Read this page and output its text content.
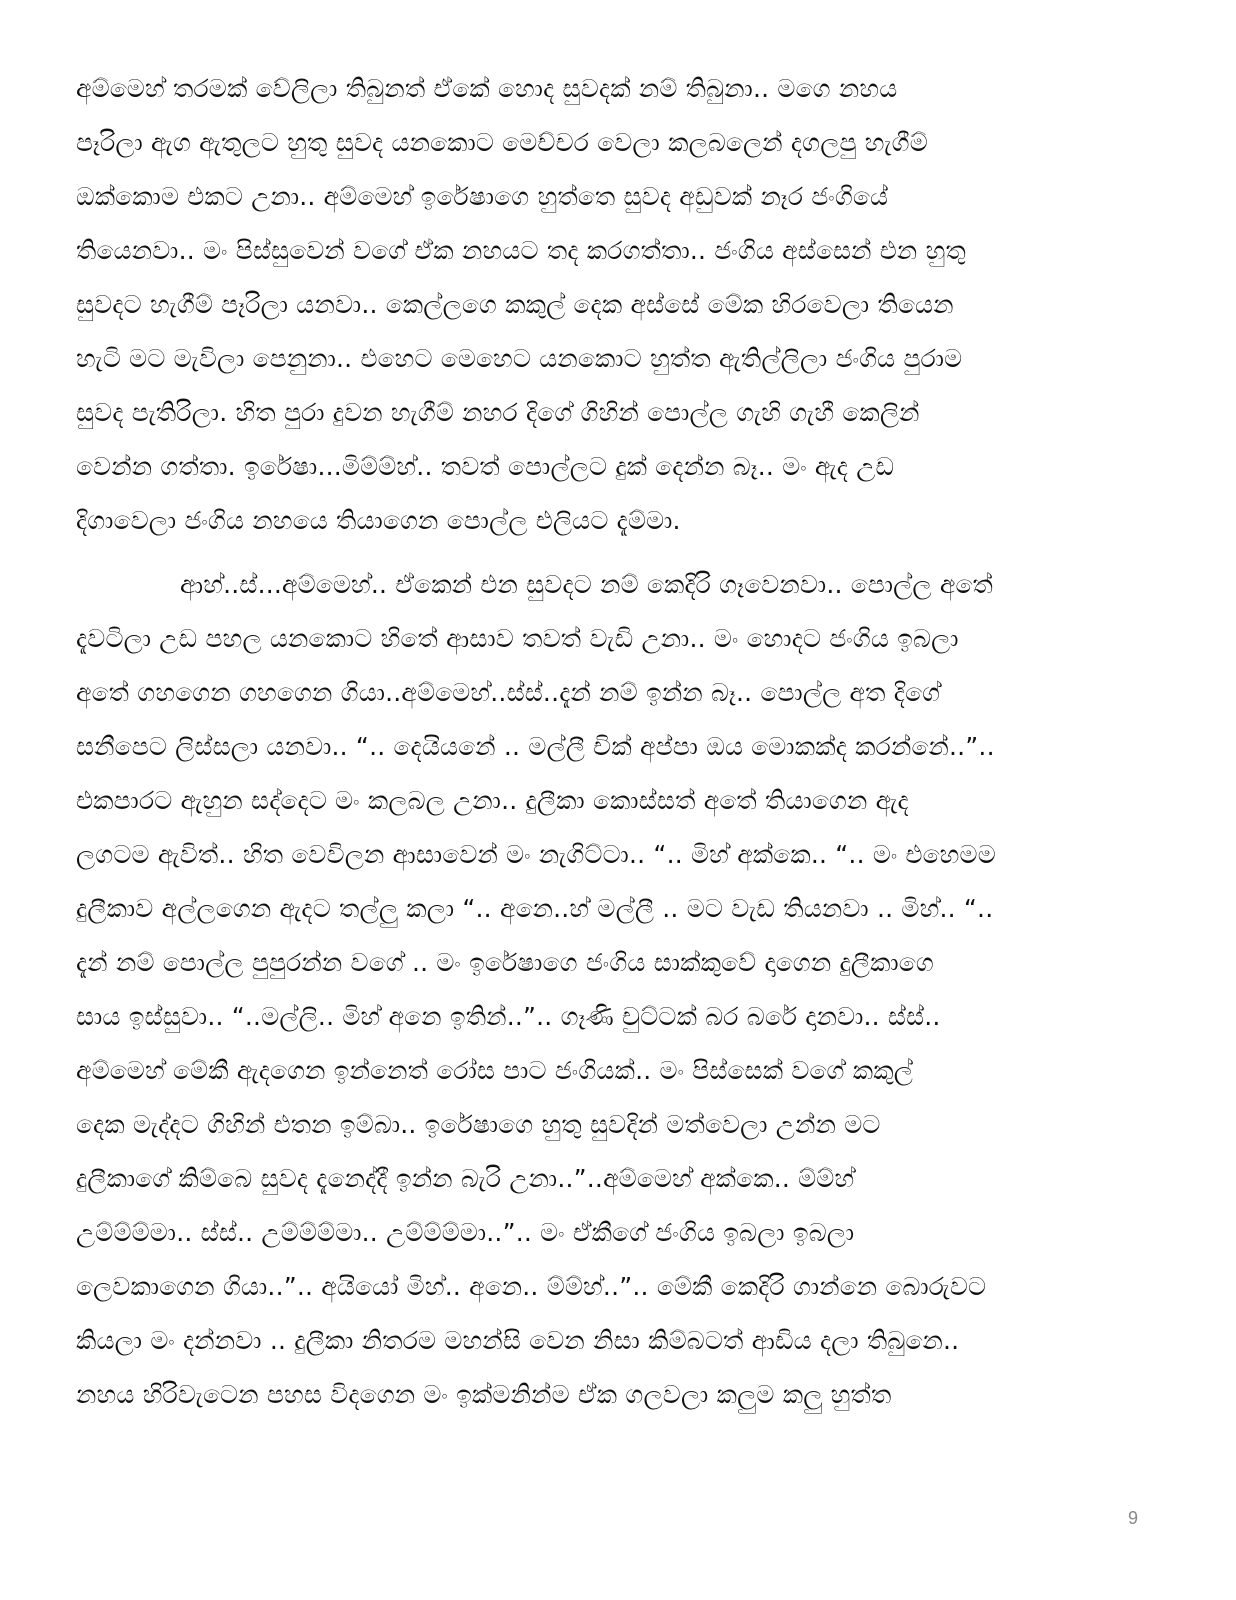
අම්මෙහ් තරමක් වේලිලා තිබුනත් ඒකේ හොද සුවදක් නම් තිබුනා.. මගෙ නහය
පෑරිලා ඇග ඇතුලට හුතු සුවද යනකොට මෙච්චර වෙලා කලබලෙන් දගලපු හැගීම්
ඔක්කොම එකට උනා.. අම්මෙහ් ඉරේෂාගෙ හුත්තෙ සුවද අඩුවක් නෑර ජංගියේ
තියෙනවා.. මං පිස්සුවෙන් වගේ ඒක නහයට තද කරගත්තා.. ජංගිය අස්සෙන් එන හුතු
සුවදට හැගීම් පෑරිලා යනවා.. කෙල්ලගෙ කකුල් දෙක අස්සේ මේක හිරවෙලා තියෙන
හැටි මට මැවිලා පෙනුනා.. එහෙට මෙහෙට යනකොට හුත්ත ඇතිල්ලිලා ජංගිය පුරාම
සුවද පැතිරිලා. හිත පුරා දුවන හැගීම් නහර දිගේ ගිහින් පොල්ල ගැහි ගැහී කෙලින්
වෙන්න ගත්තා. ඉරේෂා...මිම්ම්හ්.. තවත් පොල්ලට දුක් දෙන්න බෑ.. මං ඇද උඩ
දිගාවෙලා ජංගිය නහයෙ තියාගෙන පොල්ල එලියට දැම්මා.
ආහ්..ස්...අම්මෙහ්.. ඒකෙන් එන සුවදට නම් කෙදිරි ගෑවෙනවා.. පොල්ල අතේ
දැවටිලා උඩ පහල යනකොට හිතේ ආසාව තවත් වැඩි උනා.. මං හොදට ජංගිය ඉබලා
අතේ ගහගෙන ගහගෙන ගියා..අම්මෙහ්..ස්ස්..දැන් නම් ඉන්න බෑ.. පොල්ල අත දිගේ
සනීපෙට ලිස්සලා යනවා.. “.. දෙයියනේ .. මල්ලී චික් අප්පා ඔය මොකක්ද කරන්නේ..”..
එකපාරට ඇහුන සද්දෙට මං කලබල උනා.. දුලීකා කොස්සත් අතේ තියාගෙන ඇද
ලගටම ඇවිත්.. හිත වෙවිලන ආසාවෙන් මං නැගිට්ටා.. “.. මිහ් අක්කෙ.. “.. මං එහෙමම
දුලීකාව අල්ලගෙන ඇදට තල්ලු කලා “.. අනෙ..හ් මල්ලී .. මට වැඩ තියනවා .. මිහ්.. “..
දැන් නම් පොල්ල පුපුරන්න වගේ .. මං ඉරේෂාගෙ ජංගිය සාක්කුවේ දාගෙන දුලීකාගෙ
සාය ඉස්සුවා.. “..මල්ලි.. මිහ් අනෙ ඉතින්..”.. ගෑණි චුට්ටක් බර බරේ දානවා.. ස්ස්..
අම්මෙහ් මේකී ඇදගෙන ඉන්නෙත් රෝස පාට ජංගියක්.. මං පිස්සෙක් වගේ කකුල්
දෙක මැද්දට ගිහින් එතන ඉම්බා.. ඉරේෂාගෙ හුතු සුවදින් මත්වෙලා උන්න මට
දුලීකාගේ කිම්බෙ සුවද දැනෙද්දී ඉන්න බැරි උනා..”..අම්මෙහ් අක්කෙ.. ම්ම්හ්
උම්ම්ම්මා.. ස්ස්.. උම්ම්ම්මා.. උම්ම්ම්මා..”.. මං ඒකීගේ ජංගිය ඉබලා ඉබලා
ලෙවකාගෙන ගියා..”.. අයියෝ මිහ්.. අනෙ.. ම්ම්හ්..”.. මේකී කෙදිරි ගාන්නෙ බොරුවට
කියලා මං දන්නවා .. දුලීකා නිතරම මහන්සි වෙන නිසා කිම්බටත් ආඩිය දලා තිබුනෙ..
නහය හිරිවැටෙන පහස විදගෙන මං ඉක්මනින්ම ඒක ගලවලා කලුම කලු හුත්ත
9
